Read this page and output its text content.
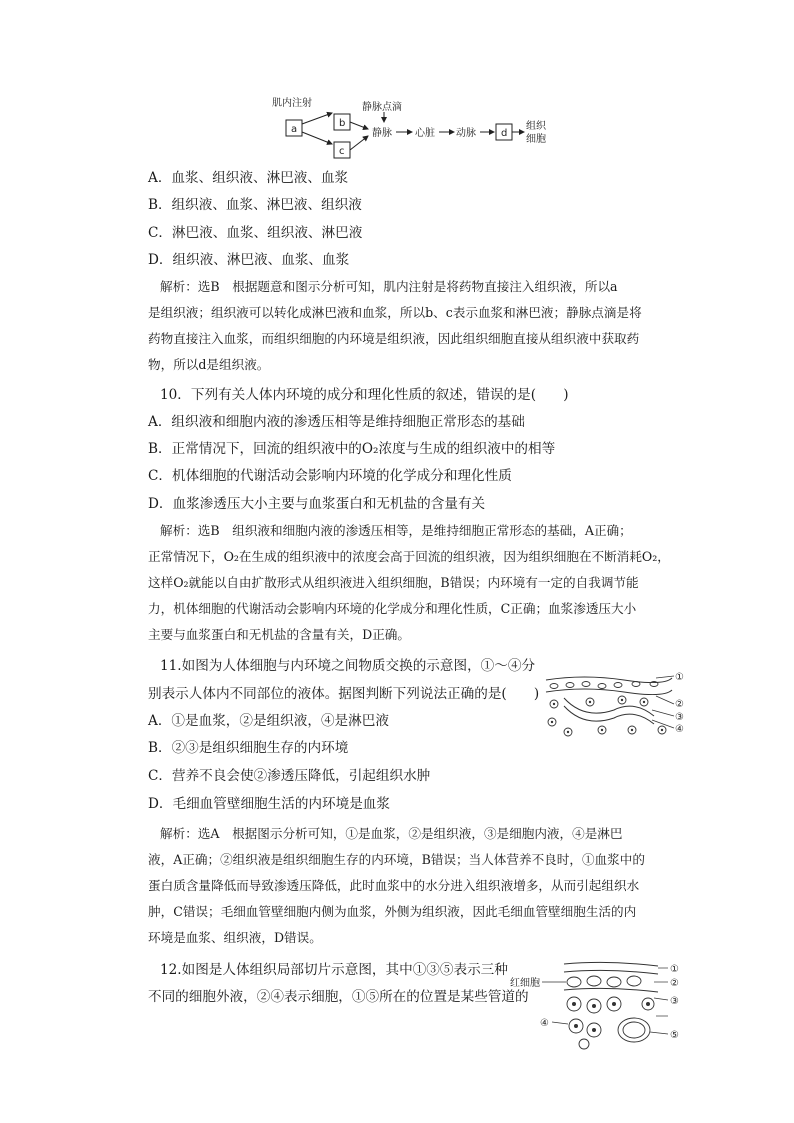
肌内注射
a
b
c
静脉点滴
静脉 心脏 动脉	d
组织
细胞
A．血浆、组织液、淋巴液、血浆
B．组织液、血浆、淋巴液、组织液
C．淋巴液、血浆、组织液、淋巴液
D．组织液、淋巴液、血浆、血浆
解析：选B　根据题意和图示分析可知，肌内注射是将药物直接注入组织液，所以a
是组织液；组织液可以转化成淋巴液和血浆，所以b、c表示血浆和淋巴液；静脉点滴是将
药物直接注入血浆，而组织细胞的内环境是组织液，因此组织细胞直接从组织液中获取药
物，所以d是组织液。
10．下列有关人体内环境的成分和理化性质的叙述，错误的是(　　)
A．组织液和细胞内液的渗透压相等是维持细胞正常形态的基础
B．正常情况下，回流的组织液中的O₂浓度与生成的组织液中的相等
C．机体细胞的代谢活动会影响内环境的化学成分和理化性质
D．血浆渗透压大小主要与血浆蛋白和无机盐的含量有关
解析：选B　组织液和细胞内液的渗透压相等，是维持细胞正常形态的基础，A正确；
正常情况下，O₂在生成的组织液中的浓度会高于回流的组织液，因为组织细胞在不断消耗O₂，
这样O₂就能以自由扩散形式从组织液进入组织细胞，B错误；内环境有一定的自我调节能
力，机体细胞的代谢活动会影响内环境的化学成分和理化性质，C正确；血浆渗透压大小
主要与血浆蛋白和无机盐的含量有关，D正确。
11.如图为人体细胞与内环境之间物质交换的示意图，①～④分
别表示人体内不同部位的液体。据图判断下列说法正确的是(　　)
A．①是血浆，②是组织液，④是淋巴液
B．②③是组织细胞生存的内环境
C．营养不良会使②渗透压降低，引起组织水肿
D．毛细血管壁细胞生活的内环境是血浆
①
②
③
④
解析：选A　根据图示分析可知，①是血浆，②是组织液，③是细胞内液，④是淋巴
液，A正确；②组织液是组织细胞生存的内环境，B错误；当人体营养不良时，①血浆中的
蛋白质含量降低而导致渗透压降低，此时血浆中的水分进入组织液增多，从而引起组织水
肿，C错误；毛细血管壁细胞内侧为血浆，外侧为组织液，因此毛细血管壁细胞生活的内
环境是血浆、组织液，D错误。
12.如图是人体组织局部切片示意图，其中①③⑤表示三种
不同的细胞外液，②④表示细胞，①⑤所在的位置是某些管道的
红细胞
①
②
③
④
⑤
